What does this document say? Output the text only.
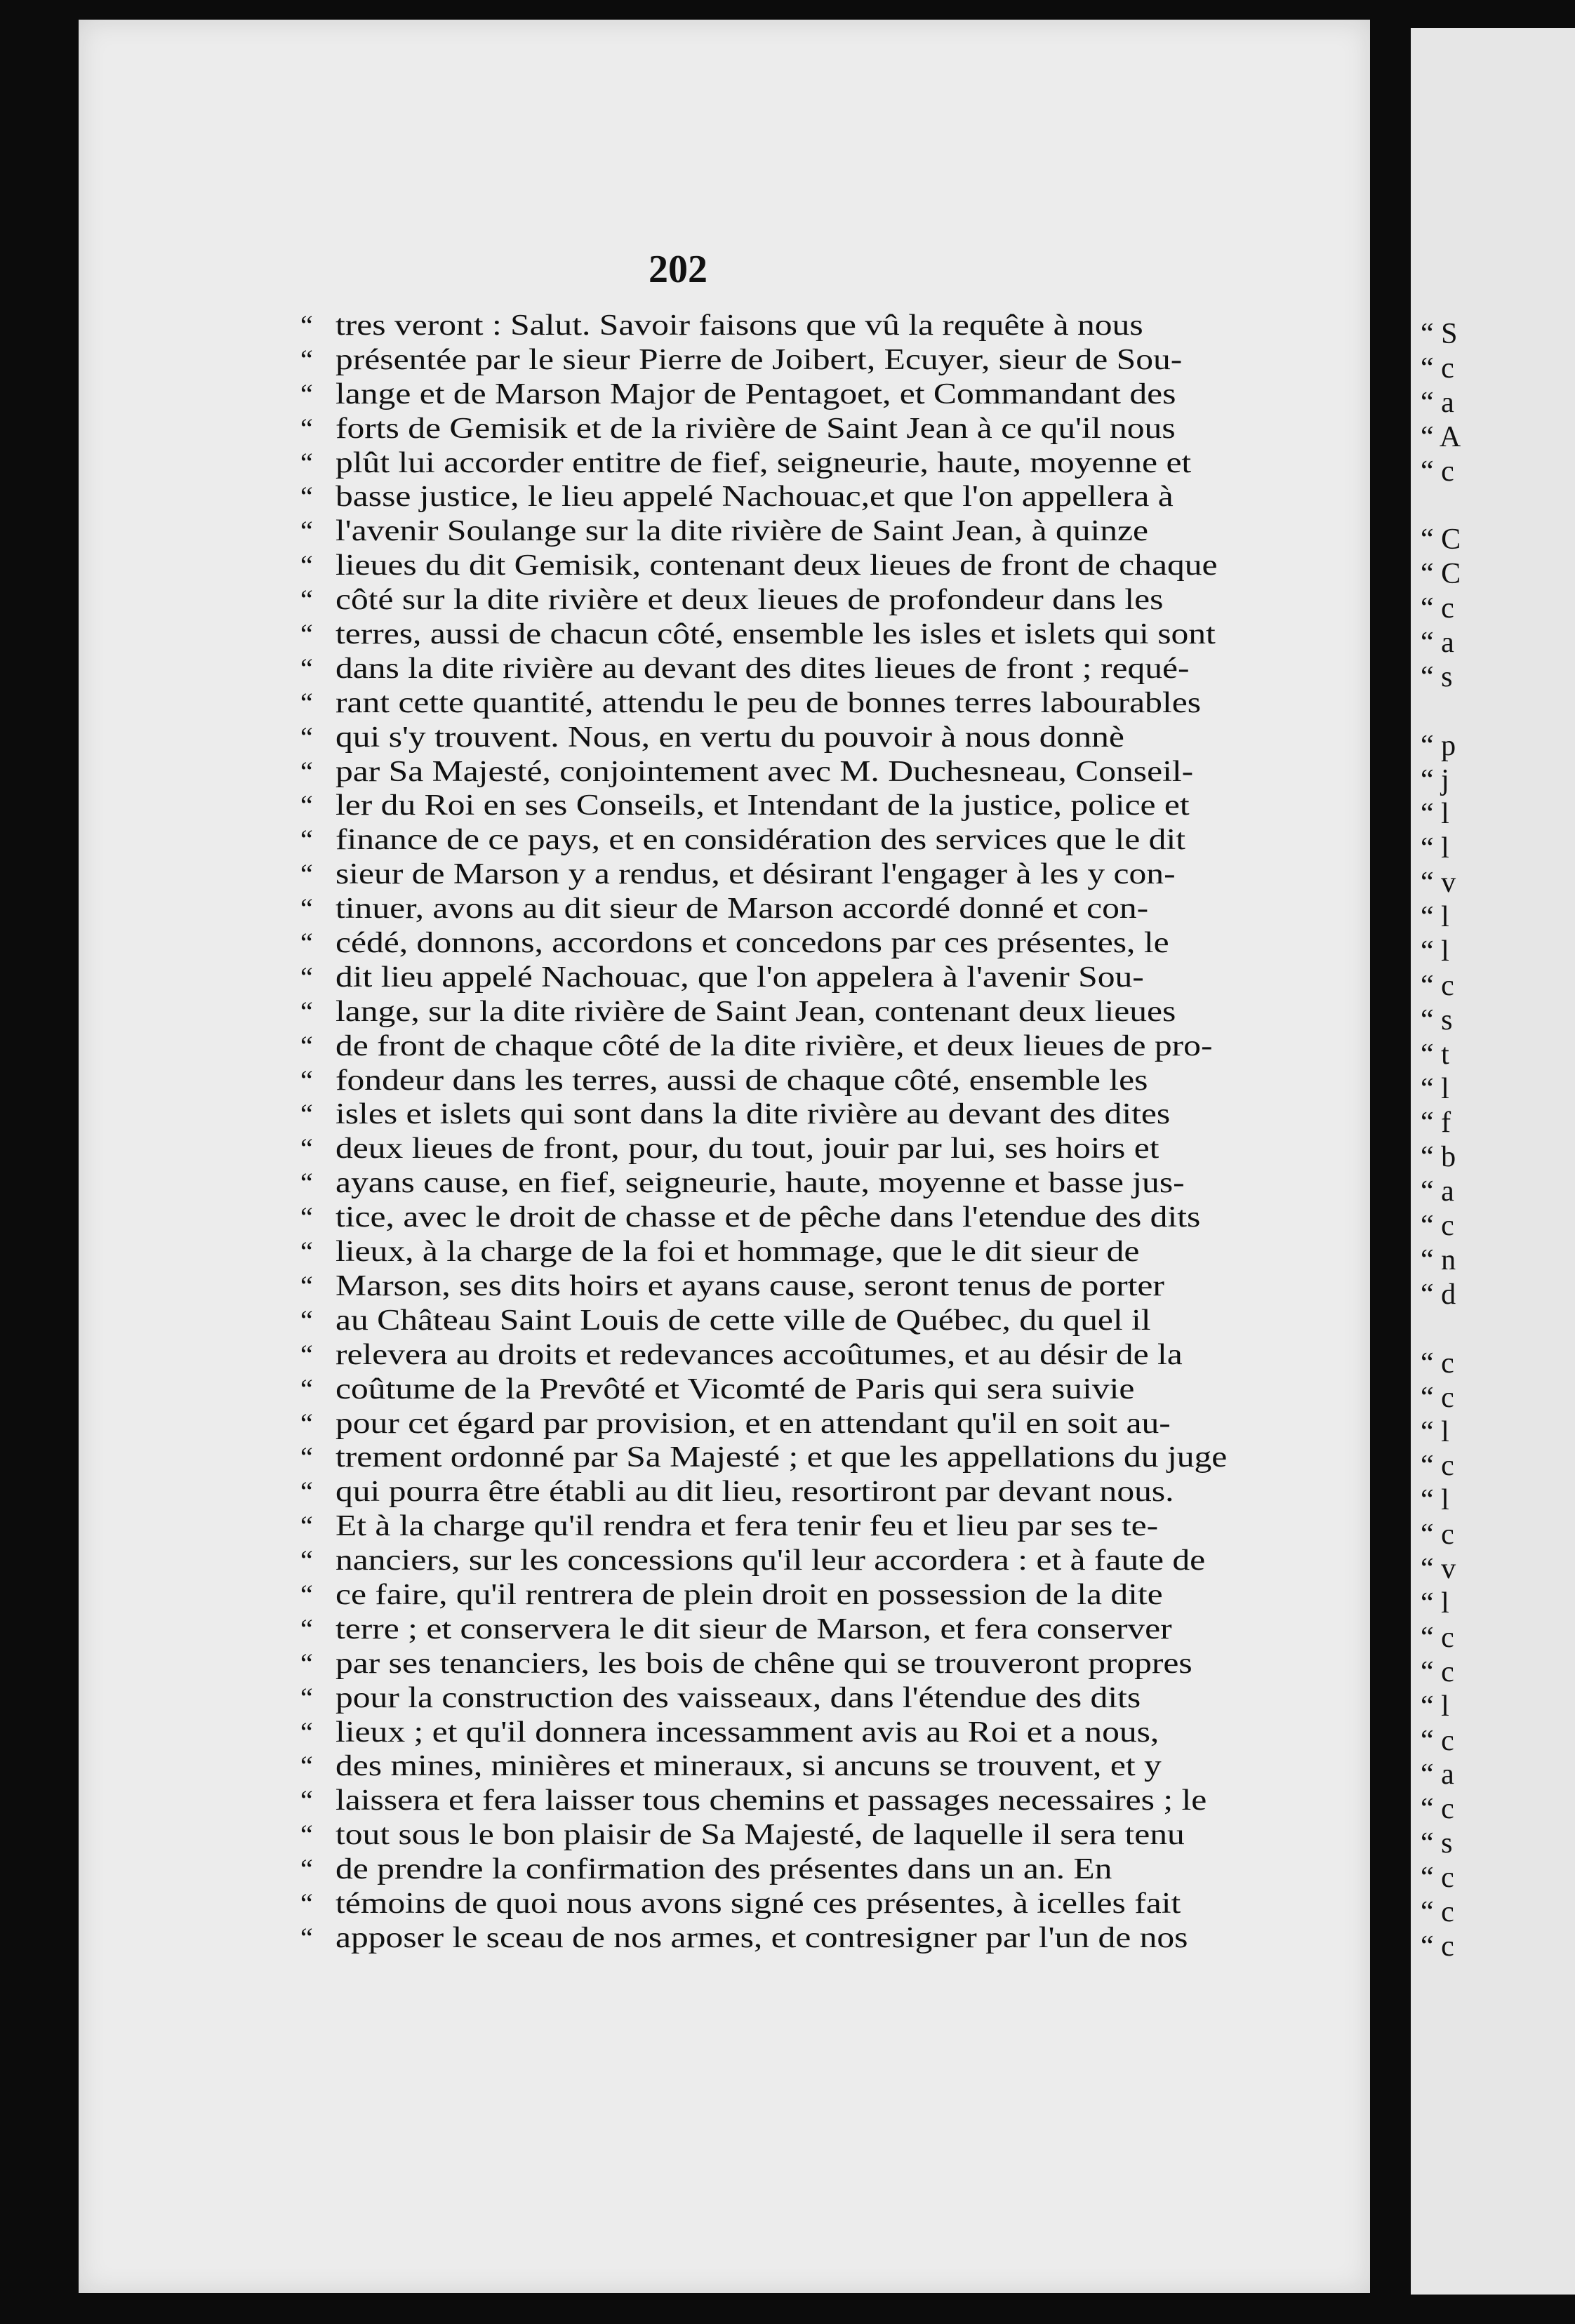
“ S
“ c
“ a
“ A
“ c
“ C
“ C
“ c
“ a
“ s
“ p
“ j
“ l
“ l
“ v
“ l
“ l
“ c
“ s
“ t
“ l
“ f
“ b
“ a
“ c
“ n
“ d
“ c
“ c
“ l
“ c
“ l
“ c
“ v
“ l
“ c
“ c
“ l
“ c
“ a
“ c
“ s
“ c
“ c
“ c
202
“ tres veront : Salut. Savoir faisons que vû la requête à nous
“ présentée par le sieur Pierre de Joibert, Ecuyer, sieur de Sou-
“ lange et de Marson Major de Pentagoet, et Commandant des
“ forts de Gemisik et de la rivière de Saint Jean à ce qu'il nous
“ plût lui accorder entitre de fief, seigneurie, haute, moyenne et
“ basse justice, le lieu appelé Nachouac,et que l'on appellera à
“ l'avenir Soulange sur la dite rivière de Saint Jean, à quinze
“ lieues du dit Gemisik, contenant deux lieues de front de chaque
“ côté sur la dite rivière et deux lieues de profondeur dans les
“ terres, aussi de chacun côté, ensemble les isles et islets qui sont
“ dans la dite rivière au devant des dites lieues de front ; requé-
“ rant cette quantité, attendu le peu de bonnes terres labourables
“ qui s'y trouvent. Nous, en vertu du pouvoir à nous donnè
“ par Sa Majesté, conjointement avec M. Duchesneau, Conseil-
“ ler du Roi en ses Conseils, et Intendant de la justice, police et
“ finance de ce pays, et en considération des services que le dit
“ sieur de Marson y a rendus, et désirant l'engager à les y con-
“ tinuer, avons au dit sieur de Marson accordé donné et con-
“ cédé, donnons, accordons et concedons par ces présentes, le
“ dit lieu appelé Nachouac, que l'on appelera à l'avenir Sou-
“ lange, sur la dite rivière de Saint Jean, contenant deux lieues
“ de front de chaque côté de la dite rivière, et deux lieues de pro-
“ fondeur dans les terres, aussi de chaque côté, ensemble les
“ isles et islets qui sont dans la dite rivière au devant des dites
“ deux lieues de front, pour, du tout, jouir par lui, ses hoirs et
“ ayans cause, en fief, seigneurie, haute, moyenne et basse jus-
“ tice, avec le droit de chasse et de pêche dans l'etendue des dits
“ lieux, à la charge de la foi et hommage, que le dit sieur de
“ Marson, ses dits hoirs et ayans cause, seront tenus de porter
“ au Château Saint Louis de cette ville de Québec, du quel il
“ relevera au droits et redevances accoûtumes, et au désir de la
“ coûtume de la Prevôté et Vicomté de Paris qui sera suivie
“ pour cet égard par provision, et en attendant qu'il en soit au-
“ trement ordonné par Sa Majesté ; et que les appellations du juge
“ qui pourra être établi au dit lieu, resortiront par devant nous.
“ Et à la charge qu'il rendra et fera tenir feu et lieu par ses te-
“ nanciers, sur les concessions qu'il leur accordera : et à faute de
“ ce faire, qu'il rentrera de plein droit en possession de la dite
“ terre ; et conservera le dit sieur de Marson, et fera conserver
“ par ses tenanciers, les bois de chêne qui se trouveront propres
“ pour la construction des vaisseaux, dans l'étendue des dits
“ lieux ; et qu'il donnera incessamment avis au Roi et a nous,
“ des mines, minières et mineraux, si ancuns se trouvent, et y
“ laissera et fera laisser tous chemins et passages necessaires ; le
“ tout sous le bon plaisir de Sa Majesté, de laquelle il sera tenu
“ de prendre la confirmation des présentes dans un an. En
“ témoins de quoi nous avons signé ces présentes, à icelles fait
“ apposer le sceau de nos armes, et contresigner par l'un de nos
